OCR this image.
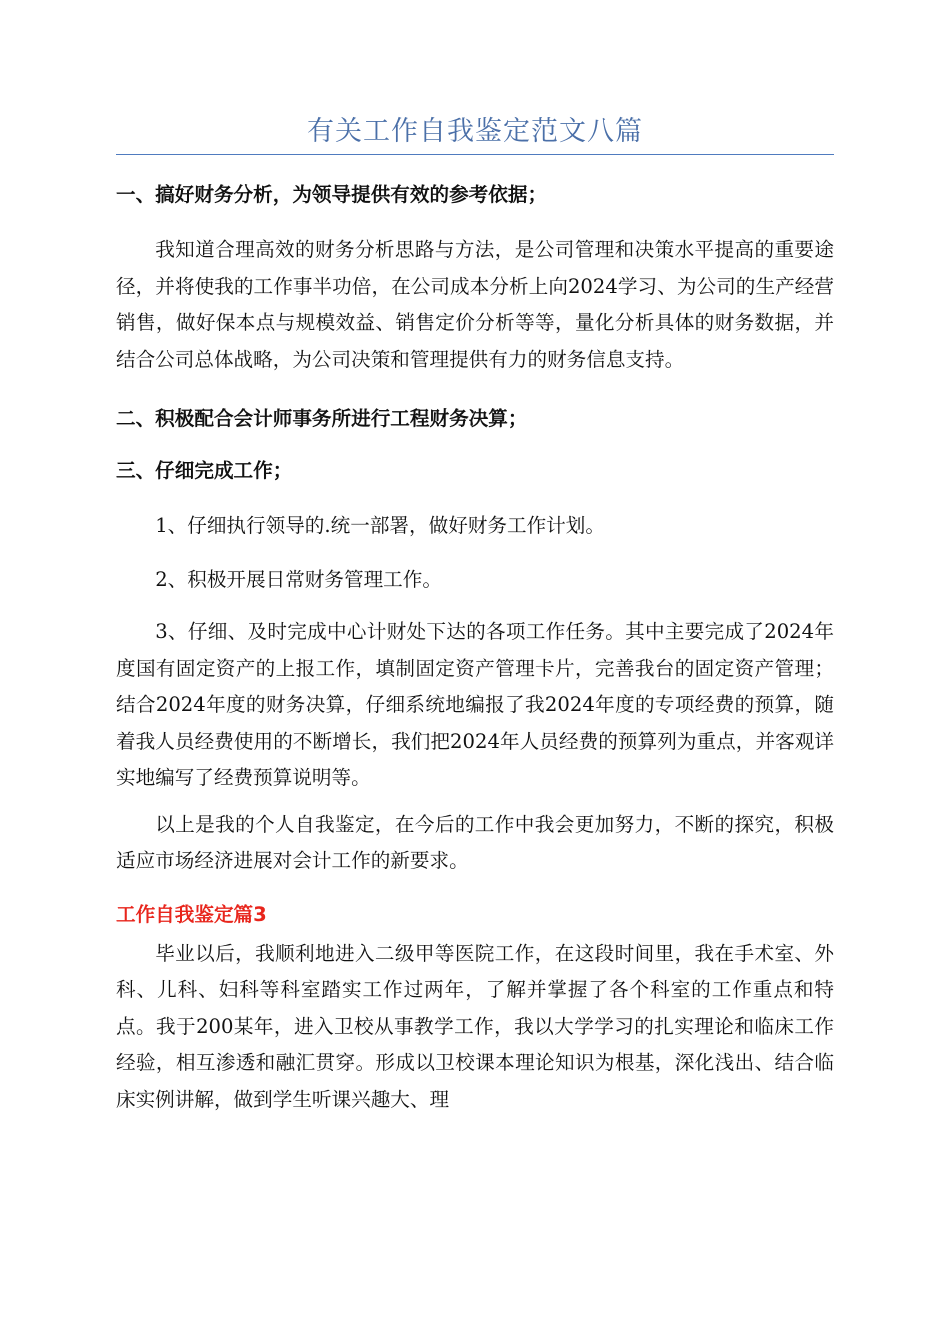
有关工作自我鉴定范文八篇

一、搞好财务分析，为领导提供有效的参考依据；

我知道合理高效的财务分析思路与方法，是公司管理和决策水平提高的重要途径，并将使我的工作事半功倍，在公司成本分析上向2024学习、为公司的生产经营销售，做好保本点与规模效益、销售定价分析等等，量化分析具体的财务数据，并结合公司总体战略，为公司决策和管理提供有力的财务信息支持。

二、积极配合会计师事务所进行工程财务决算；

三、仔细完成工作；

1、仔细执行领导的.统一部署，做好财务工作计划。

2、积极开展日常财务管理工作。

3、仔细、及时完成中心计财处下达的各项工作任务。其中主要完成了2024年度国有固定资产的上报工作，填制固定资产管理卡片，完善我台的固定资产管理；结合2024年度的财务决算，仔细系统地编报了我2024年度的专项经费的预算，随着我人员经费使用的不断增长，我们把2024年人员经费的预算列为重点，并客观详实地编写了经费预算说明等。

以上是我的个人自我鉴定，在今后的工作中我会更加努力，不断的探究，积极适应市场经济进展对会计工作的新要求。

工作自我鉴定篇3

毕业以后，我顺利地进入二级甲等医院工作，在这段时间里，我在手术室、外科、儿科、妇科等科室踏实工作过两年，了解并掌握了各个科室的工作重点和特点。我于200某年，进入卫校从事教学工作，我以大学学习的扎实理论和临床工作经验，相互渗透和融汇贯穿。形成以卫校课本理论知识为根基，深化浅出、结合临床实例讲解，做到学生听课兴趣大、理
